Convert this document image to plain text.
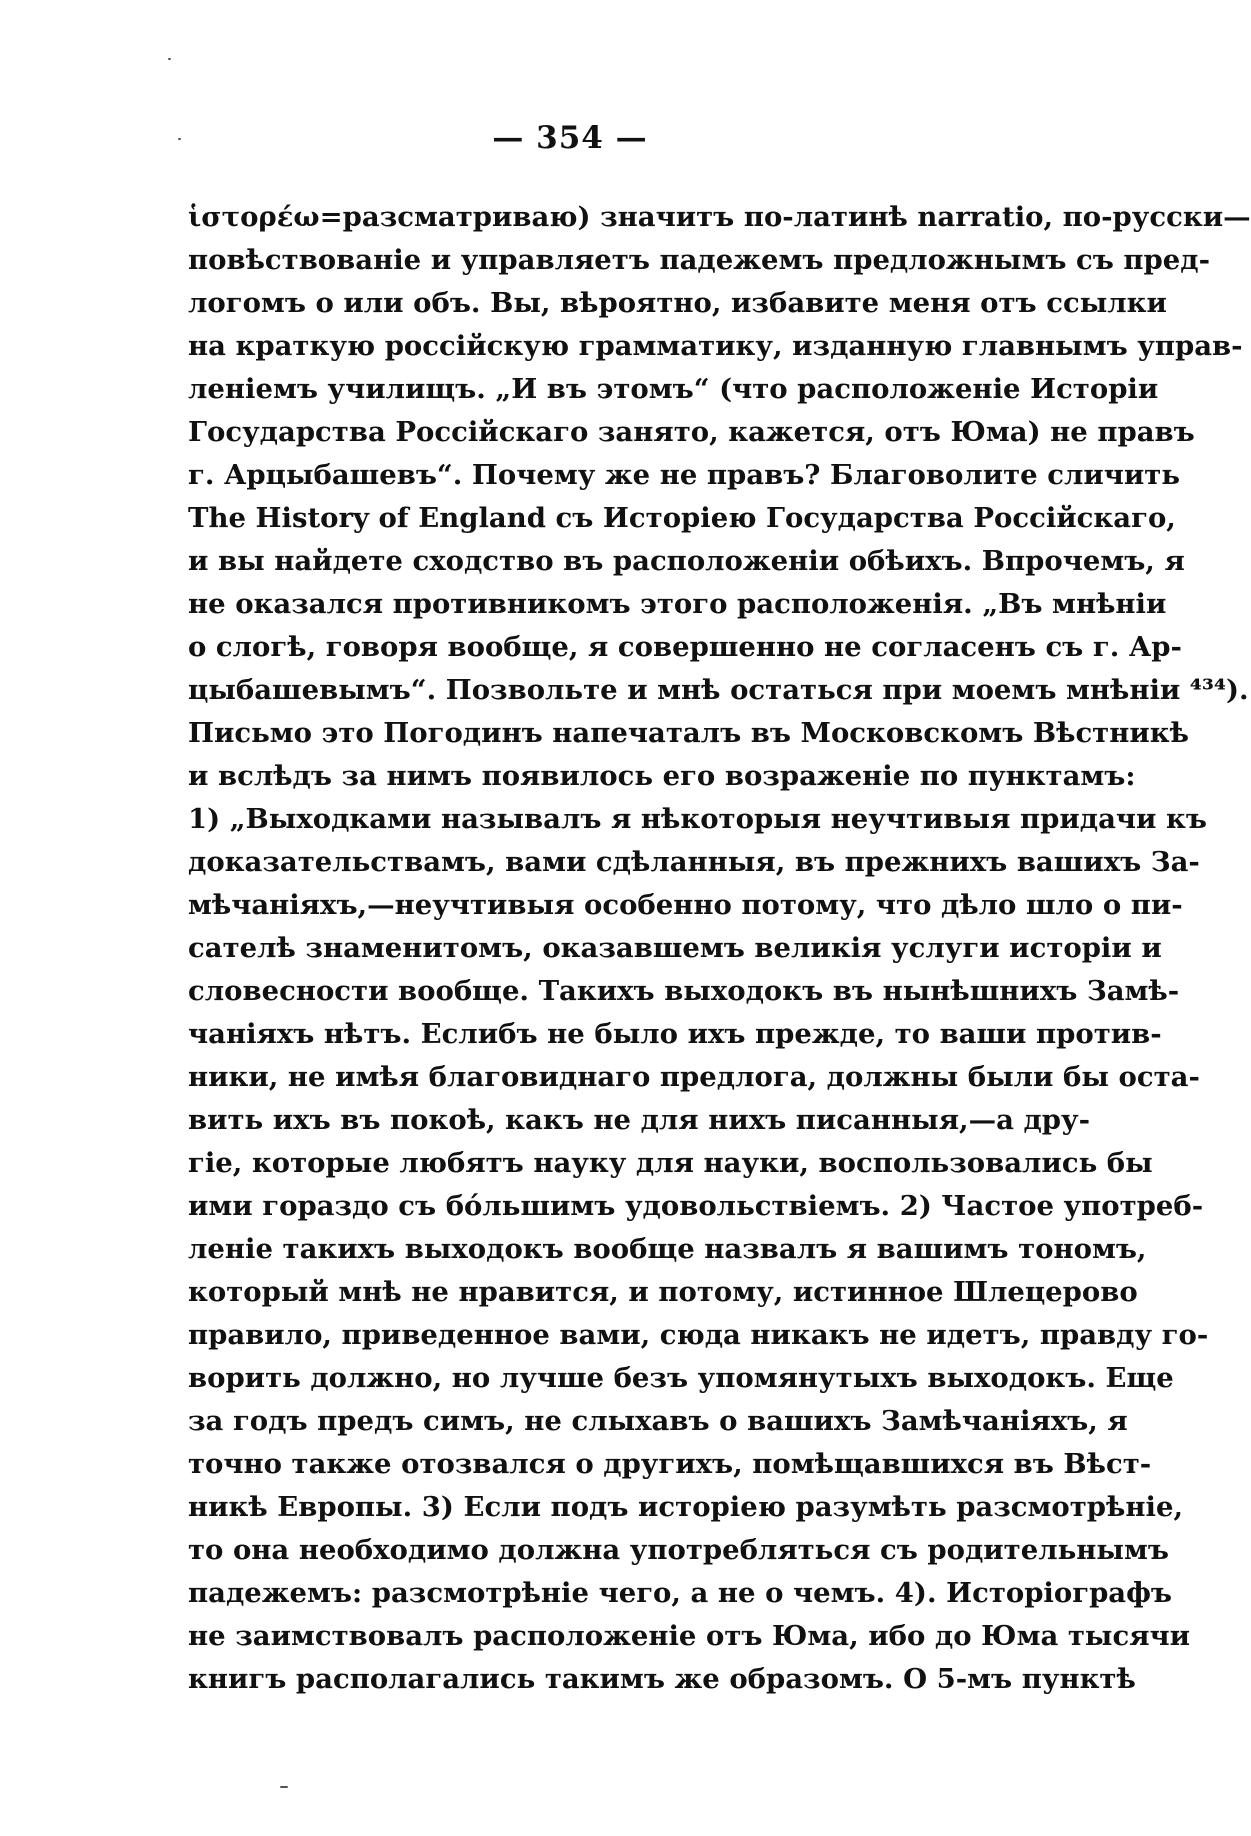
— 354 —
ἱστορέω=разсматриваю) значитъ по-латинѣ narratio, по-русски—
повѣствованіе и управляетъ падежемъ предложнымъ съ пред-
логомъ о или объ. Вы, вѣроятно, избавите меня отъ ссылки
на краткую россійскую грамматику, изданную главнымъ управ-
леніемъ училищъ. „И въ этомъ“ (что расположеніе Исторіи
Государства Россійскаго занято, кажется, отъ Юма) не правъ
г. Арцыбашевъ“. Почему же не правъ? Благоволите сличить
The History of England съ Исторіею Государства Россійскаго,
и вы найдете сходство въ расположеніи обѣихъ. Впрочемъ, я
не оказался противникомъ этого расположенія. „Въ мнѣніи
о слогѣ, говоря вообще, я совершенно не согласенъ съ г. Ар-
цыбашевымъ“. Позвольте и мнѣ остаться при моемъ мнѣніи ⁴³⁴).
Письмо это Погодинъ напечаталъ въ Московскомъ Вѣстникѣ
и вслѣдъ за нимъ появилось его возраженіе по пунктамъ:
1) „Выходками называлъ я нѣкоторыя неучтивыя придачи къ
доказательствамъ, вами сдѣланныя, въ прежнихъ вашихъ За-
мѣчаніяхъ,—неучтивыя особенно потому, что дѣло шло о пи-
сателѣ знаменитомъ, оказавшемъ великія услуги исторіи и
словесности вообще. Такихъ выходокъ въ нынѣшнихъ Замѣ-
чаніяхъ нѣтъ. Еслибъ не было ихъ прежде, то ваши против-
ники, не имѣя благовиднаго предлога, должны были бы оста-
вить ихъ въ покоѣ, какъ не для нихъ писанныя,—а дру-
гіе, которые любятъ науку для науки, воспользовались бы
ими гораздо съ бóльшимъ удовольствіемъ. 2) Частое употреб-
леніе такихъ выходокъ вообще назвалъ я вашимъ тономъ,
который мнѣ не нравится, и потому, истинное Шлецерово
правило, приведенное вами, сюда никакъ не идетъ, правду го-
ворить должно, но лучше безъ упомянутыхъ выходокъ. Еще
за годъ предъ симъ, не слыхавъ о вашихъ Замѣчаніяхъ, я
точно также отозвался о другихъ, помѣщавшихся въ Вѣст-
никѣ Европы. 3) Если подъ исторіею разумѣть разсмотрѣніе,
то она необходимо должна употребляться съ родительнымъ
падежемъ: разсмотрѣніе чего, а не о чемъ. 4). Исторіографъ
не заимствовалъ расположеніе отъ Юма, ибо до Юма тысячи
книгъ располагались такимъ же образомъ. О 5-мъ пунктѣ
